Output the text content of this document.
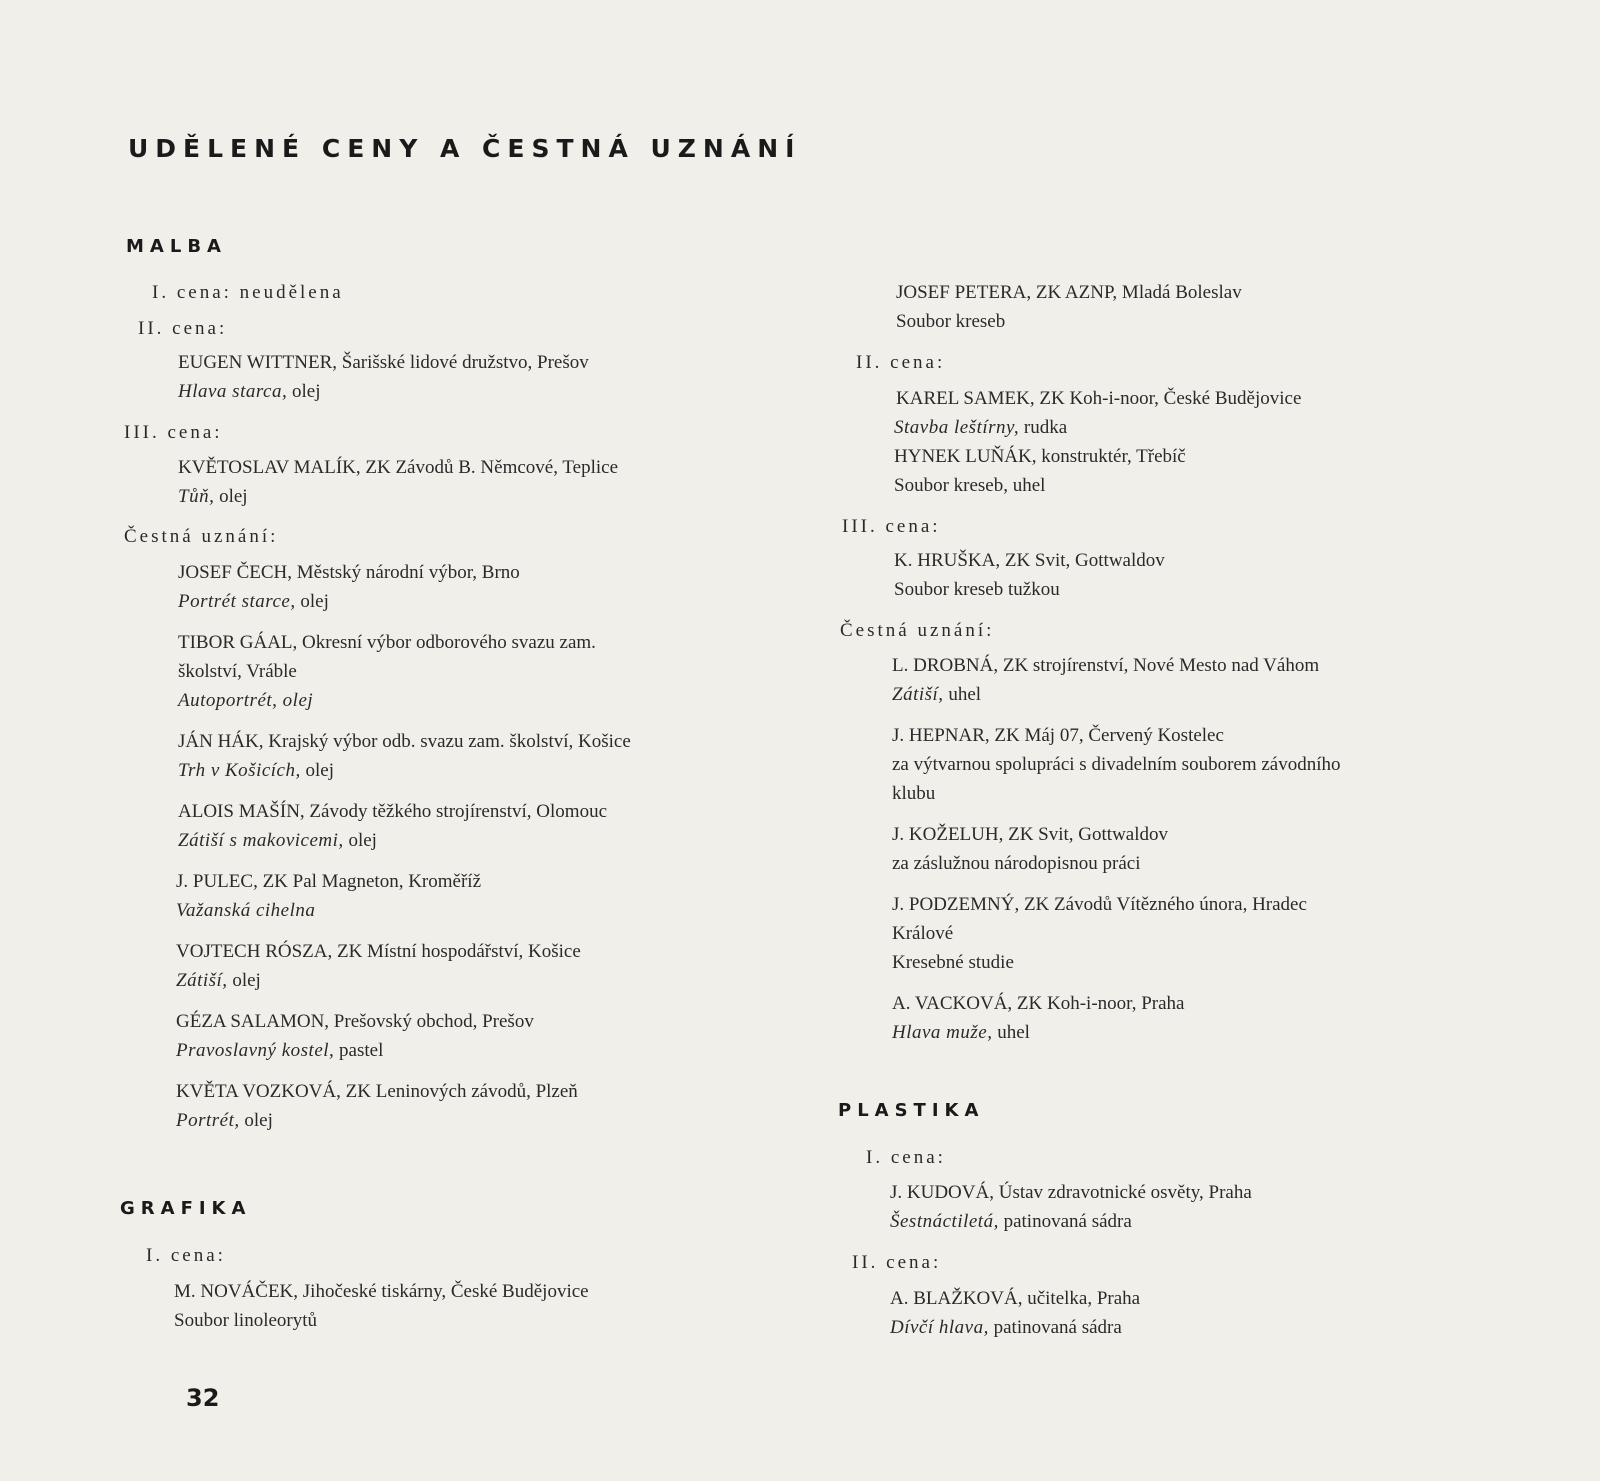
UDĚLENÉ CENY A ČESTNÁ UZNÁNÍ
MALBA
I. cena: neudělena
II. cena:
EUGEN WITTNER, Šarišské lidové družstvo, Prešov
Hlava starca, olej
III. cena:
KVĚTOSLAV MALÍK, ZK Závodů B. Němcové, Teplice
Tůň, olej
Čestná uznání:
JOSEF ČECH, Městský národní výbor, Brno
Portrét starce, olej
TIBOR GÁAL, Okresní výbor odborového svazu zam.
školství, Vráble
Autoportrét, olej
JÁN HÁK, Krajský výbor odb. svazu zam. školství, Košice
Trh v Košicích, olej
ALOIS MAŠÍN, Závody těžkého strojírenství, Olomouc
Zátiší s makovicemi, olej
J. PULEC, ZK Pal Magneton, Kroměříž
Važanská cihelna
VOJTECH RÓSZA, ZK Místní hospodářství, Košice
Zátiší, olej
GÉZA SALAMON, Prešovský obchod, Prešov
Pravoslavný kostel, pastel
KVĚTA VOZKOVÁ, ZK Leninových závodů, Plzeň
Portrét, olej
GRAFIKA
I. cena:
M. NOVÁČEK, Jihočeské tiskárny, České Budějovice
Soubor linoleorytů
32
JOSEF PETERA, ZK AZNP, Mladá Boleslav
Soubor kresеb
II. cena:
KAREL SAMEK, ZK Koh-i-noor, České Budějovice
Stavba leštírny, rudka
HYNEK LUŇÁK, konstruktér, Třebíč
Soubor kreseb, uhel
III. cena:
K. HRUŠKA, ZK Svit, Gottwaldov
Soubor kreseb tužkou
Čestná uznání:
L. DROBNÁ, ZK strojírenství, Nové Mesto nad Váhom
Zátiší, uhel
J. HEPNAR, ZK Máj 07, Červený Kostelec
za výtvarnou spolupráci s divadelním souborem závodního
klubu
J. KOŽELUH, ZK Svit, Gottwaldov
za záslužnou národopisnou práci
J. PODZEMNÝ, ZK Závodů Vítězného února, Hradec
Králové
Kresebné studie
A. VACKOVÁ, ZK Koh-i-noor, Praha
Hlava muže, uhel
PLASTIKA
I. cena:
J. KUDOVÁ, Ústav zdravotnické osvěty, Praha
Šestnáctiletá, patinovaná sádra
II. cena:
A. BLAŽKOVÁ, učitelka, Praha
Dívčí hlava, patinovaná sádra
